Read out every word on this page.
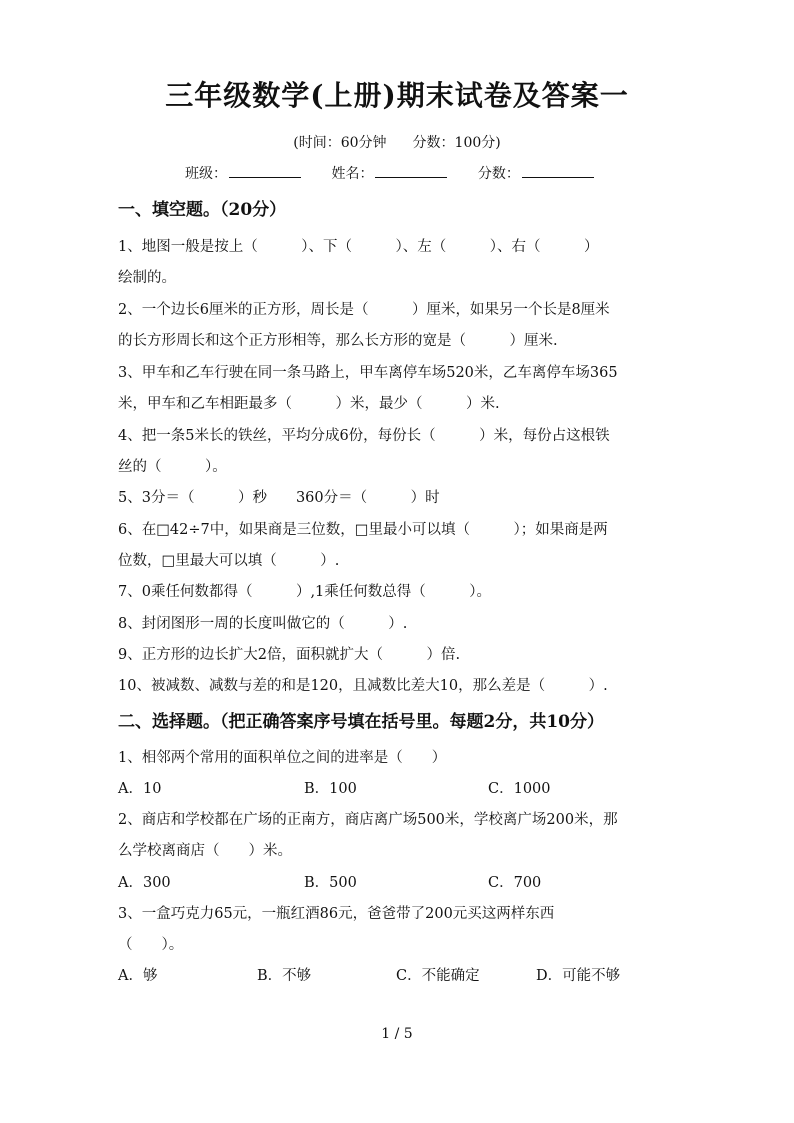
三年级数学(上册)期末试卷及答案一
(时间：60分钟 分数：100分)
班级：	姓名：	分数：
一、填空题。（20分）
1、地图一般是按上（　　　）、下（　　　）、左（　　　）、右（　　　）
绘制的。
2、一个边长6厘米的正方形，周长是（　　　）厘米，如果另一个长是8厘米
的长方形周长和这个正方形相等，那么长方形的宽是（　　　）厘米.
3、甲车和乙车行驶在同一条马路上，甲车离停车场520米，乙车离停车场365
米，甲车和乙车相距最多（　　　）米，最少（　　　）米.
4、把一条5米长的铁丝，平均分成6份，每份长（　　　）米，每份占这根铁
丝的（　　　）。
5、3分＝（　　　）秒　　360分＝（　　　）时
6、在□42÷7中，如果商是三位数，□里最小可以填（　　　）；如果商是两
位数，□里最大可以填（　　　）.
7、0乘任何数都得（　　　）,1乘任何数总得（　　　）。
8、封闭图形一周的长度叫做它的（　　　）.
9、正方形的边长扩大2倍，面积就扩大（　　　）倍.
10、被减数、减数与差的和是120，且减数比差大10，那么差是（　　　）.
二、选择题。（把正确答案序号填在括号里。每题2分，共10分）
1、相邻两个常用的面积单位之间的进率是（　　）
A．10	B．100	C．1000
2、商店和学校都在广场的正南方，商店离广场500米，学校离广场200米，那
么学校离商店（　　）米。
A．300	B．500	C．700
3、一盒巧克力65元，一瓶红酒86元，爸爸带了200元买这两样东西
（　　）。
A．够	B．不够	C．不能确定	D．可能不够
1 / 5
